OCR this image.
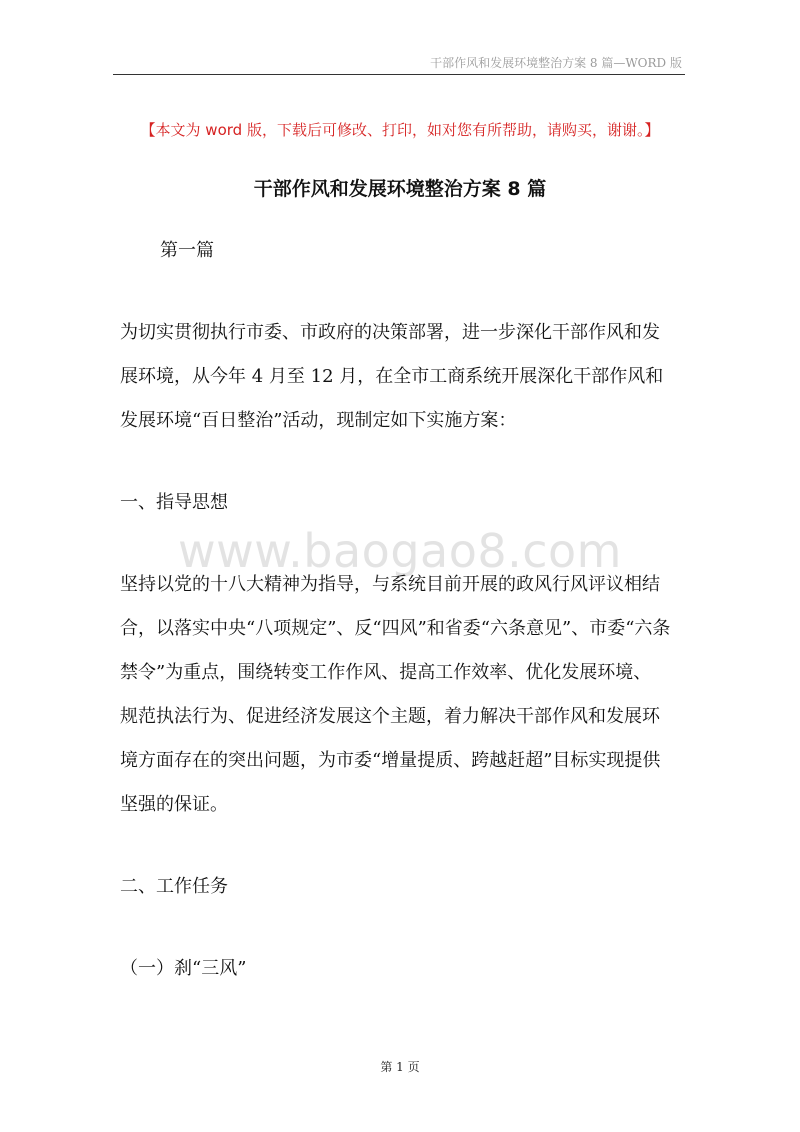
干部作风和发展环境整治方案 8 篇—WORD 版
【本文为 word 版，下载后可修改、打印，如对您有所帮助，请购买，谢谢。】
干部作风和发展环境整治方案 8 篇
第一篇
为切实贯彻执行市委、市政府的决策部署，进一步深化干部作风和发
展环境，从今年 4 月至 12 月，在全市工商系统开展深化干部作风和
发展环境“百日整治”活动，现制定如下实施方案：
一、指导思想
www.baogao8.com
坚持以党的十八大精神为指导，与系统目前开展的政风行风评议相结
合，以落实中央“八项规定”、反“四风”和省委“六条意见”、市委“六条
禁令”为重点，围绕转变工作作风、提高工作效率、优化发展环境、
规范执法行为、促进经济发展这个主题，着力解决干部作风和发展环
境方面存在的突出问题，为市委“增量提质、跨越赶超”目标实现提供
坚强的保证。
二、工作任务
（一）刹“三风”
第 1 页
